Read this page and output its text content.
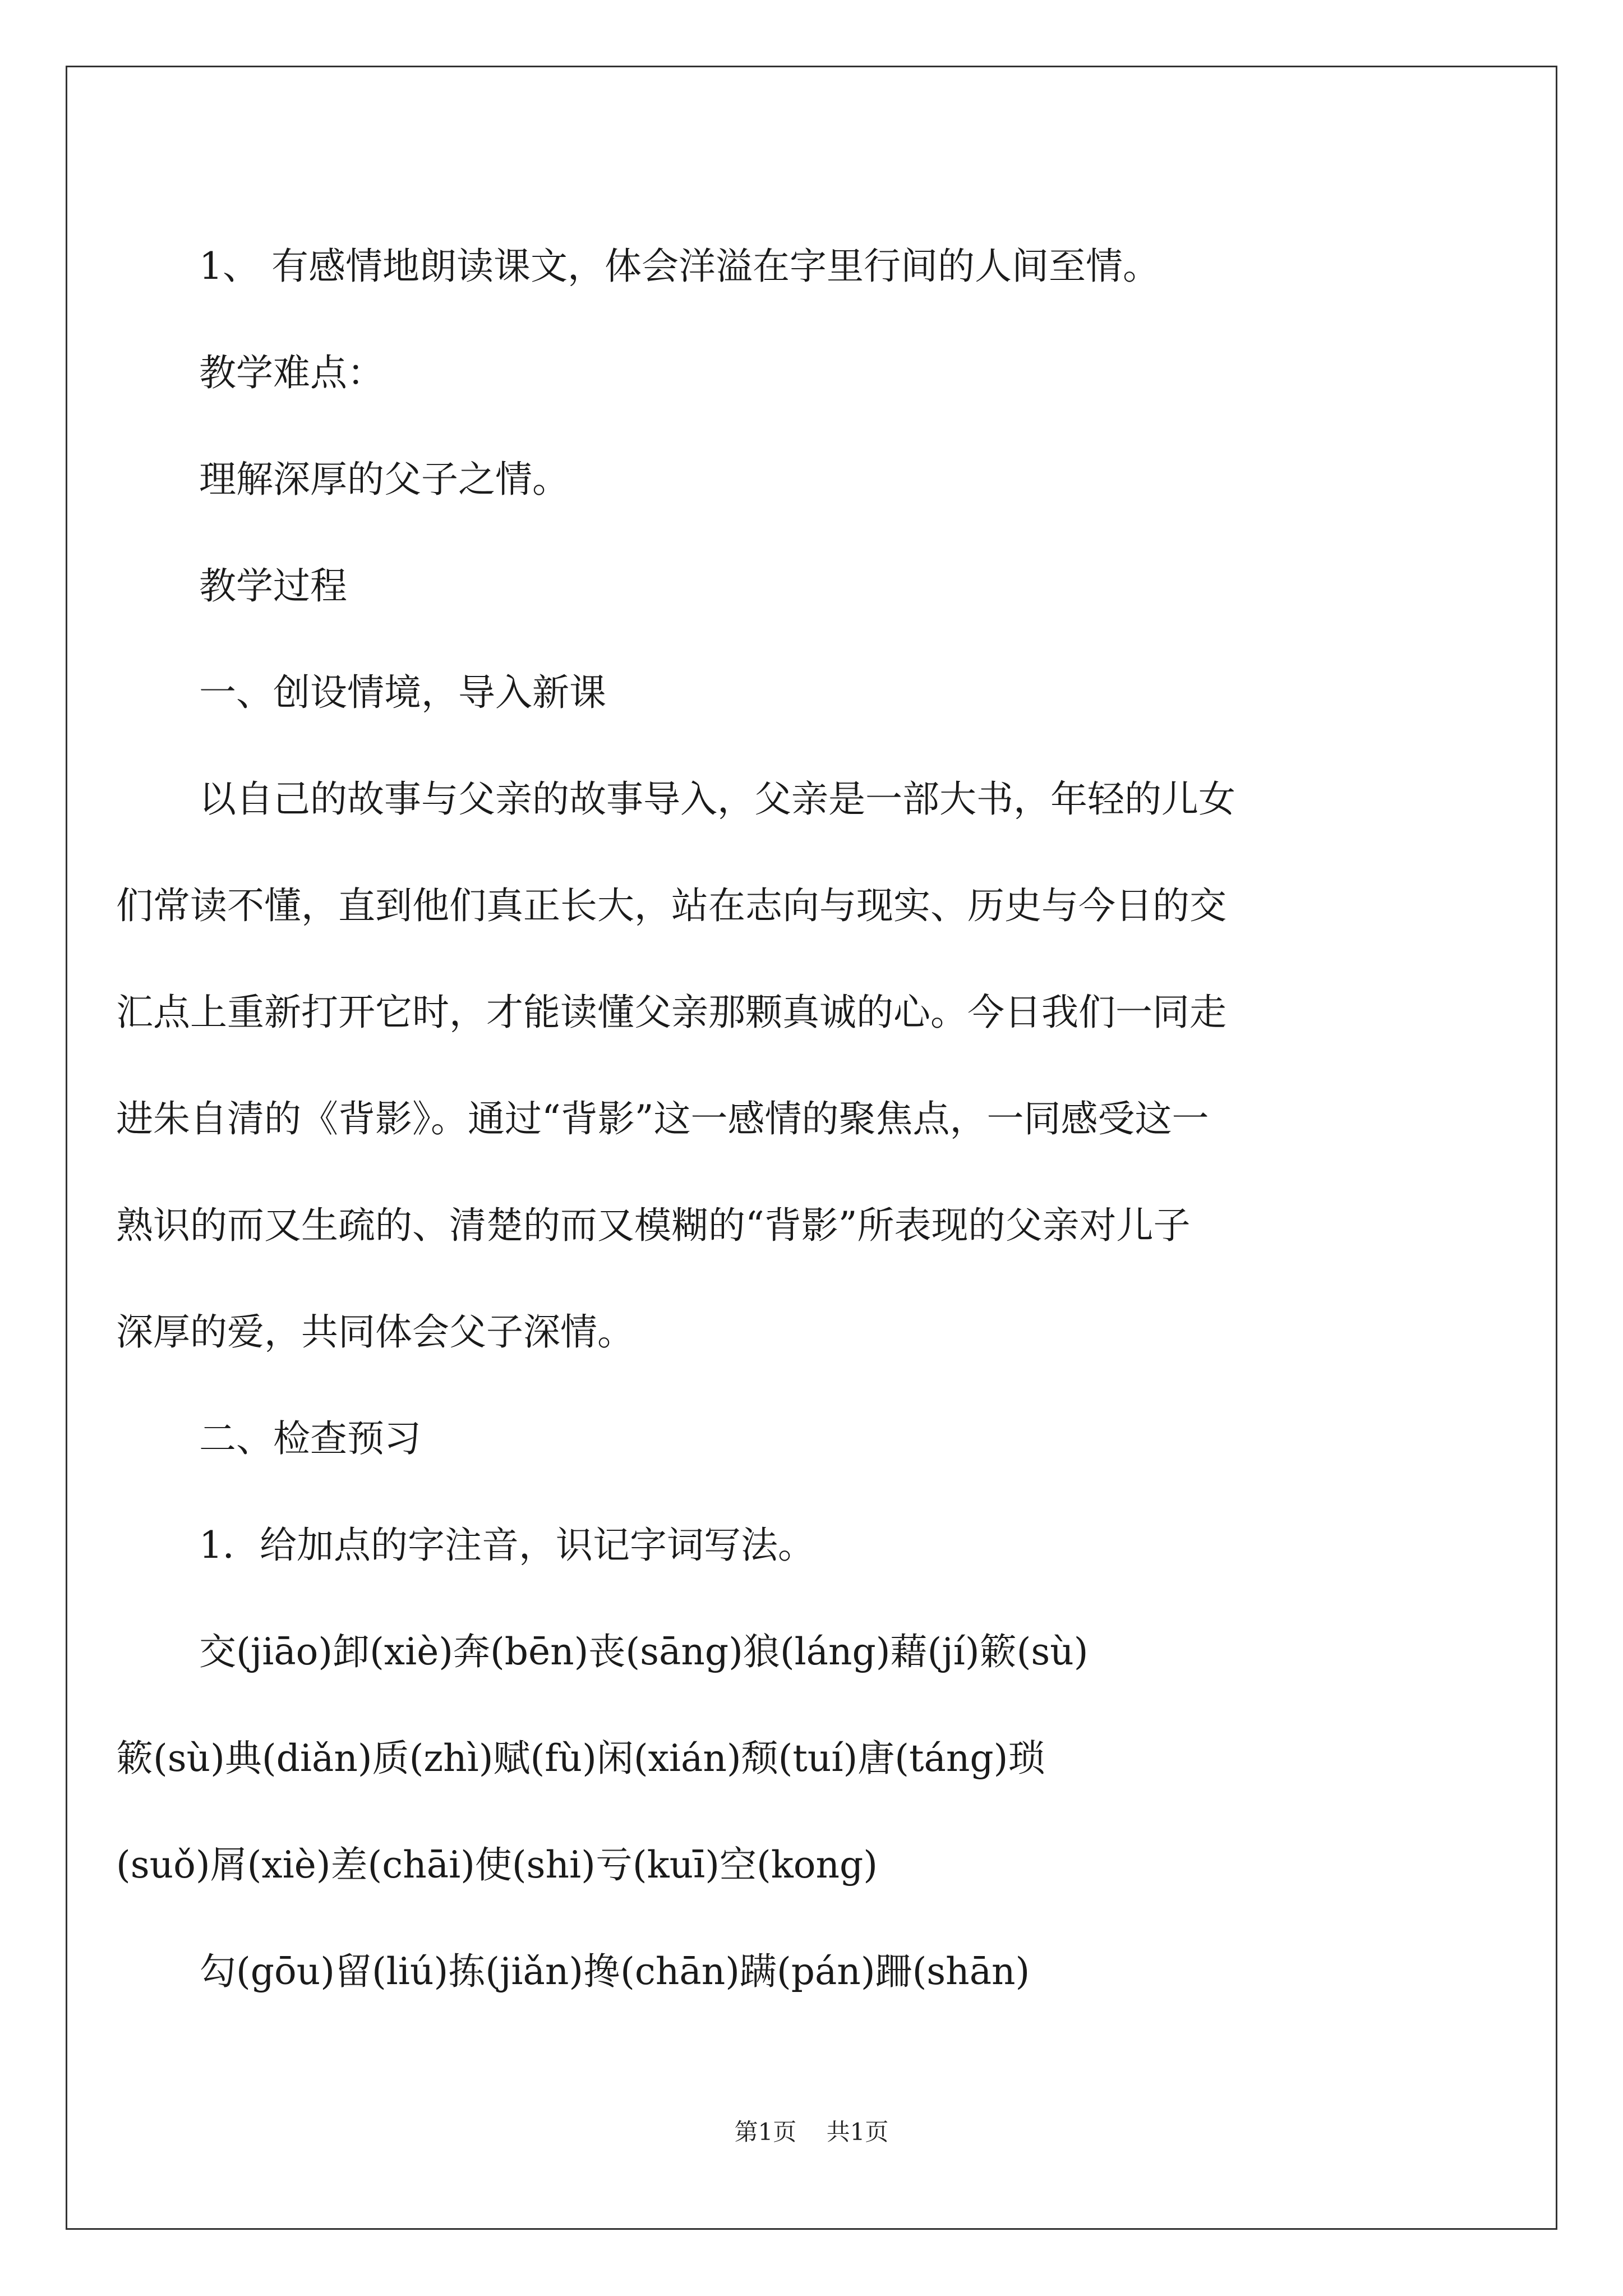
1、 有感情地朗读课文，体会洋溢在字里行间的人间至情。

教学难点：

理解深厚的父子之情。

教学过程

一、创设情境，导入新课

以自己的故事与父亲的故事导入，父亲是一部大书，年轻的儿女

们常读不懂，直到他们真正长大，站在志向与现实、历史与今日的交

汇点上重新打开它时，才能读懂父亲那颗真诚的心。今日我们一同走

进朱自清的《背影》。通过“背影”这一感情的聚焦点，一同感受这一

熟识的而又生疏的、清楚的而又模糊的“背影”所表现的父亲对儿子

深厚的爱，共同体会父子深情。

二、检查预习

1．给加点的字注音，识记字词写法。

交(jiāo)卸(xiè)奔(bēn)丧(sāng)狼(láng)藉(jí)簌(sù)

簌(sù)典(diǎn)质(zhì)赋(fù)闲(xián)颓(tuí)唐(táng)琐

(suǒ)屑(xiè)差(chāi)使(shi)亏(kuī)空(kong)

勾(gōu)留(liú)拣(jiǎn)搀(chān)蹒(pán)跚(shān)

第1页 共1页
